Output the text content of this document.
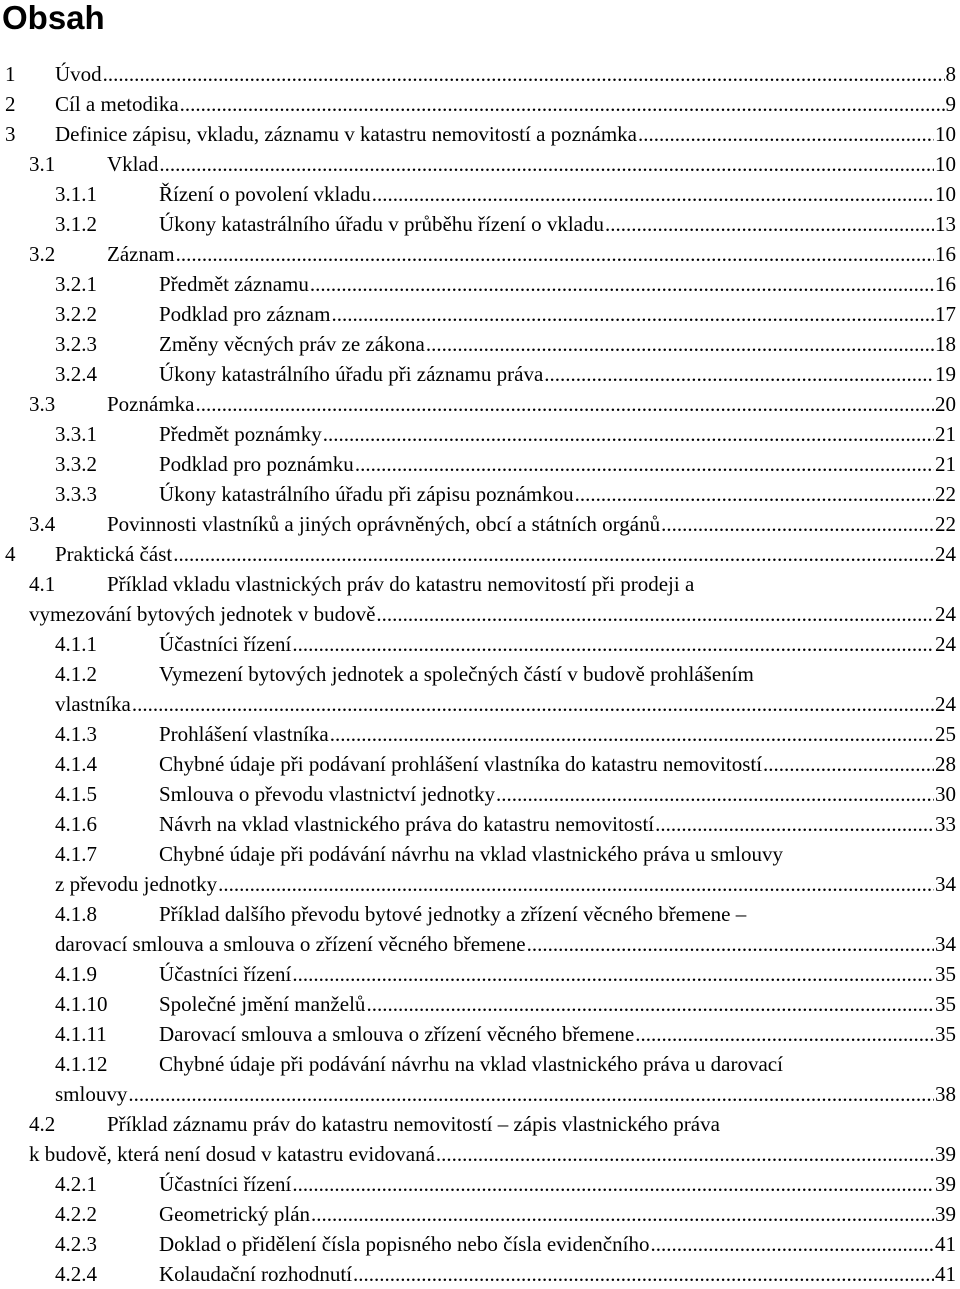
Obsah
1 Úvod .....	8
2 Cíl a metodika .....	9
3 Definice zápisu, vkladu, záznamu v katastru nemovitostí a poznámka .....	10
3.1 Vklad .....	10
3.1.1	Řízení o povolení vkladu .....	10
3.1.2	Úkony katastrálního úřadu v průběhu řízení o vkladu .....	13
3.2 Záznam .....	16
3.2.1	Předmět záznamu .....	16
3.2.2	Podklad pro záznam .....	17
3.2.3	Změny věcných práv ze zákona .....	18
3.2.4	Úkony katastrálního úřadu při záznamu práva .....	19
3.3 Poznámka .....	20
3.3.1	Předmět poznámky .....	21
3.3.2	Podklad pro poznámku .....	21
3.3.3	Úkony katastrálního úřadu při zápisu poznámkou .....	22
3.4 Povinnosti vlastníků a jiných oprávněných, obcí a státních orgánů .....	22
4 Praktická část .....	24
4.1 Příklad vkladu vlastnických práv do katastru nemovitostí při prodeji a
vymezování bytových jednotek v budově .....	24
4.1.1	Účastníci řízení .....	24
4.1.2	Vymezení bytových jednotek a společných částí v budově prohlášením
vlastníka .....	24
4.1.3	Prohlášení vlastníka .....	25
4.1.4	Chybné údaje při podávaní prohlášení vlastníka do katastru nemovitostí .....	28
4.1.5	Smlouva o převodu vlastnictví jednotky .....	30
4.1.6	Návrh na vklad vlastnického práva do katastru nemovitostí .....	33
4.1.7	Chybné údaje při podávání návrhu na vklad vlastnického práva u smlouvy
z převodu jednotky .....	34
4.1.8	Příklad dalšího převodu bytové jednotky a zřízení věcného břemene –
darovací smlouva a smlouva o zřízení věcného břemene .....	34
4.1.9	Účastníci řízení .....	35
4.1.10 Společné jmění manželů .....	35
4.1.11 Darovací smlouva a smlouva o zřízení věcného břemene .....	35
4.1.12 Chybné údaje při podávání návrhu na vklad vlastnického práva u darovací
smlouvy .....	38
4.2 Příklad záznamu práv do katastru nemovitostí – zápis vlastnického práva
k budově, která není dosud v katastru evidovaná .....	39
4.2.1	Účastníci řízení .....	39
4.2.2	Geometrický plán .....	39
4.2.3	Doklad o přidělení čísla popisného nebo čísla evidenčního .....	41
4.2.4	Kolaudační rozhodnutí .....	41
